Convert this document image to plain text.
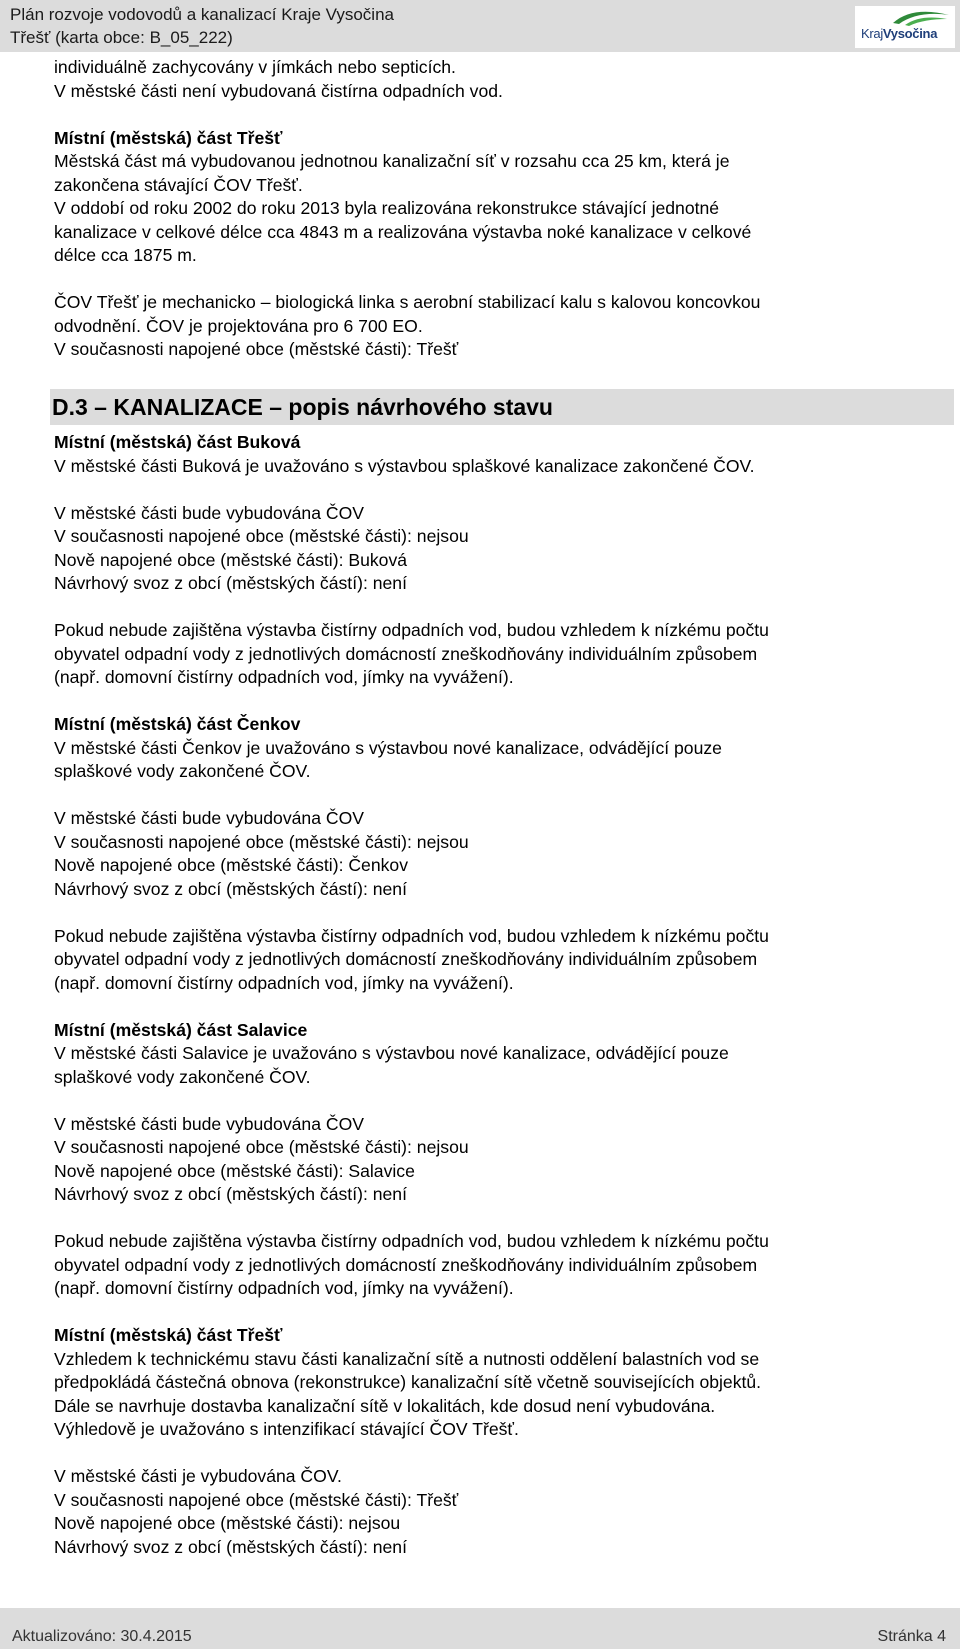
Plán rozvoje vodovodů a kanalizací Kraje Vysočina
Třešť (karta obce: B_05_222)	KrajVysočina

individuálně zachycovány v jímkách nebo septicích.

V městské části není vybudovaná čistírna odpadních vod.

Místní (městská) část Třešť

Městská část má vybudovanou jednotnou kanalizační síť v rozsahu cca 25 km, která je

zakončena stávající ČOV Třešť.

V oddobí od roku 2002 do roku 2013 byla realizována rekonstrukce stávající jednotné

kanalizace v celkové délce cca 4843 m a realizována výstavba noké kanalizace v celkové

délce cca 1875 m.

ČOV Třešť je mechanicko – biologická linka s aerobní stabilizací kalu s kalovou koncovkou

odvodnění. ČOV je projektována pro 6 700 EO.

V současnosti napojené obce (městské části): Třešť

D.3 – KANALIZACE – popis návrhového stavu

Místní (městská) část Buková

V městské části Buková je uvažováno s výstavbou splaškové kanalizace zakončené ČOV.

V městské části bude vybudována ČOV

V současnosti napojené obce (městské části): nejsou

Nově napojené obce (městské části): Buková

Návrhový svoz z obcí (městských částí): není

Pokud nebude zajištěna výstavba čistírny odpadních vod, budou vzhledem k nízkému počtu

obyvatel odpadní vody z jednotlivých domácností zneškodňovány individuálním způsobem

(např. domovní čistírny odpadních vod, jímky na vyvážení).

Místní (městská) část Čenkov

V městské části Čenkov je uvažováno s výstavbou nové kanalizace, odvádějící pouze

splaškové vody zakončené ČOV.

V městské části bude vybudována ČOV

V současnosti napojené obce (městské části): nejsou

Nově napojené obce (městské části): Čenkov

Návrhový svoz z obcí (městských částí): není

Pokud nebude zajištěna výstavba čistírny odpadních vod, budou vzhledem k nízkému počtu

obyvatel odpadní vody z jednotlivých domácností zneškodňovány individuálním způsobem

(např. domovní čistírny odpadních vod, jímky na vyvážení).

Místní (městská) část Salavice

V městské části Salavice je uvažováno s výstavbou nové kanalizace, odvádějící pouze

splaškové vody zakončené ČOV.

V městské části bude vybudována ČOV

V současnosti napojené obce (městské části): nejsou

Nově napojené obce (městské části): Salavice

Návrhový svoz z obcí (městských částí): není

Pokud nebude zajištěna výstavba čistírny odpadních vod, budou vzhledem k nízkému počtu

obyvatel odpadní vody z jednotlivých domácností zneškodňovány individuálním způsobem

(např. domovní čistírny odpadních vod, jímky na vyvážení).

Místní (městská) část Třešť

Vzhledem k technickému stavu části kanalizační sítě a nutnosti oddělení balastních vod se

předpokládá částečná obnova (rekonstrukce) kanalizační sítě včetně souvisejících objektů.

Dále se navrhuje dostavba kanalizační sítě v lokalitách, kde dosud není vybudována.

Výhledově je uvažováno s intenzifikací stávající ČOV Třešť.

V městské části je vybudována ČOV.

V současnosti napojené obce (městské části): Třešť

Nově napojené obce (městské části): nejsou

Návrhový svoz z obcí (městských částí): není

Aktualizováno: 30.4.2015	Stránka 4
